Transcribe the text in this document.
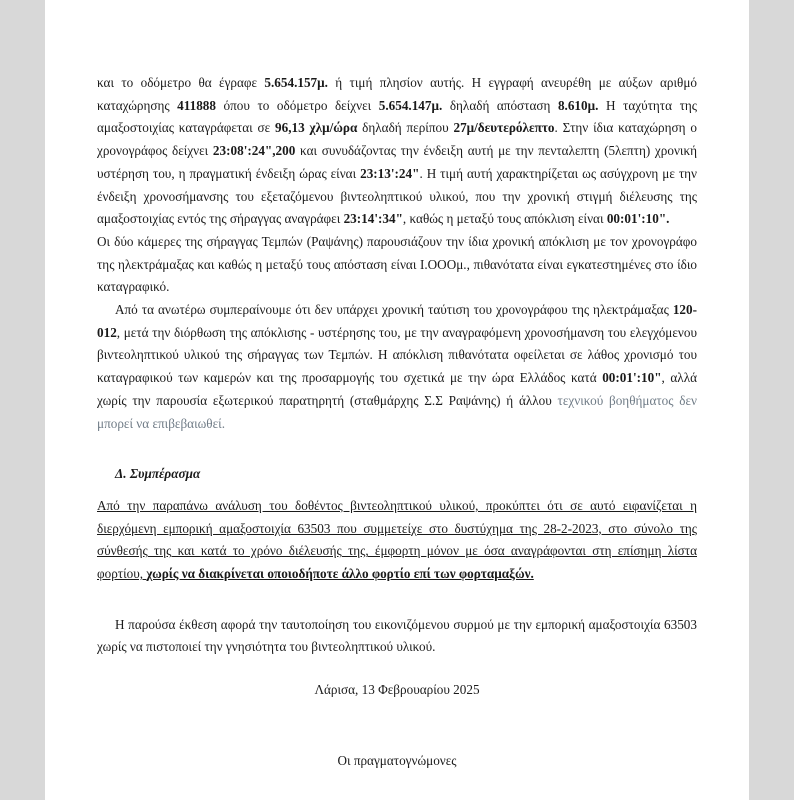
και το οδόμετρο θα έγραφε 5.654.157μ. ή τιμή πλησίον αυτής. Η εγγραφή ανευρέθη με αύξων αριθμό καταχώρησης 411888 όπου το οδόμετρο δείχνει 5.654.147μ. δηλαδή απόσταση 8.610μ. Η ταχύτητα της αμαξοστοιχίας καταγράφεται σε 96,13 χλμ/ώρα δηλαδή περίπου 27μ/δευτερόλεπτο. Στην ίδια καταχώρηση ο χρονογράφος δείχνει 23:08':24",200 και συνυδάζοντας την ένδειξη αυτή με την πενταλεπτη (5λεπτη) χρονική υστέρηση του, η πραγματική ένδειξη ώρας είναι 23:13':24". Η τιμή αυτή χαρακτηρίζεται ως ασύγχρονη με την ένδειξη χρονοσήμανσης του εξεταζόμενου βιντεοληπτικού υλικού, που την χρονική στιγμή διέλευσης της αμαξοστοιχίας εντός της σήραγγας αναγράφει 23:14':34", καθώς η μεταξύ τους απόκλιση είναι 00:01':10".

Οι δύο κάμερες της σήραγγας Τεμπών (Ραψάνης) παρουσιάζουν την ίδια χρονική απόκλιση με τον χρονογράφο της ηλεκτράμαξας και καθώς η μεταξύ τους απόσταση είναι Ι.ΟΟΟμ., πιθανότατα είναι εγκατεστημένες στο ίδιο καταγραφικό.

Από τα ανωτέρω συμπεραίνουμε ότι δεν υπάρχει χρονική ταύτιση του χρονογράφου της ηλεκτράμαξας 120-012, μετά την διόρθωση της απόκλισης - υστέρησης του, με την αναγραφόμενη χρονοσήμανση του ελεγχόμενου βιντεοληπτικού υλικού της σήραγγας των Τεμπών. Η απόκλιση πιθανότατα οφείλεται σε λάθος χρονισμό του καταγραφικού των καμερών και της προσαρμογής του σχετικά με την ώρα Ελλάδος κατά 00:01':10", αλλά χωρίς την παρουσία εξωτερικού παρατηρητή (σταθμάρχης Σ.Σ Ραψάνης) ή άλλου τεχνικού βοηθήματος δεν μπορεί να επιβεβαιωθεί.

Δ. Συμπέρασμα

Από την παραπάνω ανάλυση του δοθέντος βιντεοληπτικού υλικού, προκύπτει ότι σε αυτό ειφανίζεται η διερχόμενη εμπορική αμαξοστοιχία 63503 που συμμετείχε στο δυστύχημα της 28-2-2023, στο σύνολο της σύνθεσής της και κατά το χρόνο διέλευσής της, έμφορτη μόνον με όσα αναγράφονται στη επίσημη λίστα φορτίου, χωρίς να διακρίνεται οποιοδήποτε άλλο φορτίο επί των φορταμαξών.

Η παρούσα έκθεση αφορά την ταυτοποίηση του εικονιζόμενου συρμού με την εμπορική αμαξοστοιχία 63503 χωρίς να πιστοποιεί την γνησιότητα του βιντεοληπτικού υλικού.

Λάρισα, 13 Φεβρουαρίου 2025

Οι πραγματογνώμονες
